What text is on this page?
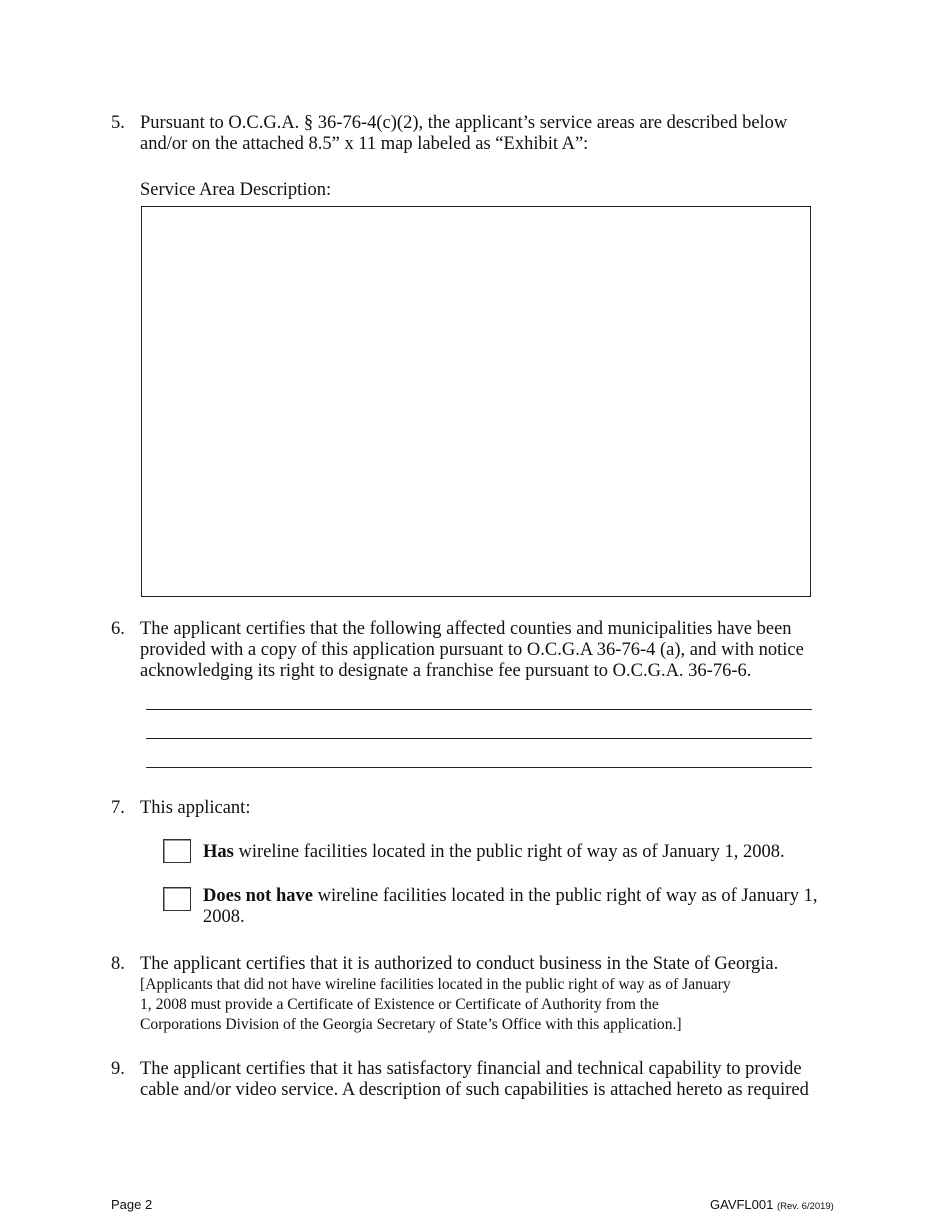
5. Pursuant to O.C.G.A. § 36-76-4(c)(2), the applicant’s service areas are described below
and/or on the attached 8.5” x 11 map labeled as “Exhibit A”:
Service Area Description:
6. The applicant certifies that the following affected counties and municipalities have been
provided with a copy of this application pursuant to O.C.G.A 36-76-4 (a), and with notice
acknowledging its right to designate a franchise fee pursuant to O.C.G.A. 36-76-6.
7. This applicant:
Has wireline facilities located in the public right of way as of January 1, 2008.
Does not have wireline facilities located in the public right of way as of January 1,
2008.
8. The applicant certifies that it is authorized to conduct business in the State of Georgia.
[Applicants that did not have wireline facilities located in the public right of way as of January
1, 2008 must provide a Certificate of Existence or Certificate of Authority from the
Corporations Division of the Georgia Secretary of State’s Office with this application.]
9. The applicant certifies that it has satisfactory financial and technical capability to provide
cable and/or video service. A description of such capabilities is attached hereto as required
Page 2	GAVFL001 (Rev. 6/2019)
